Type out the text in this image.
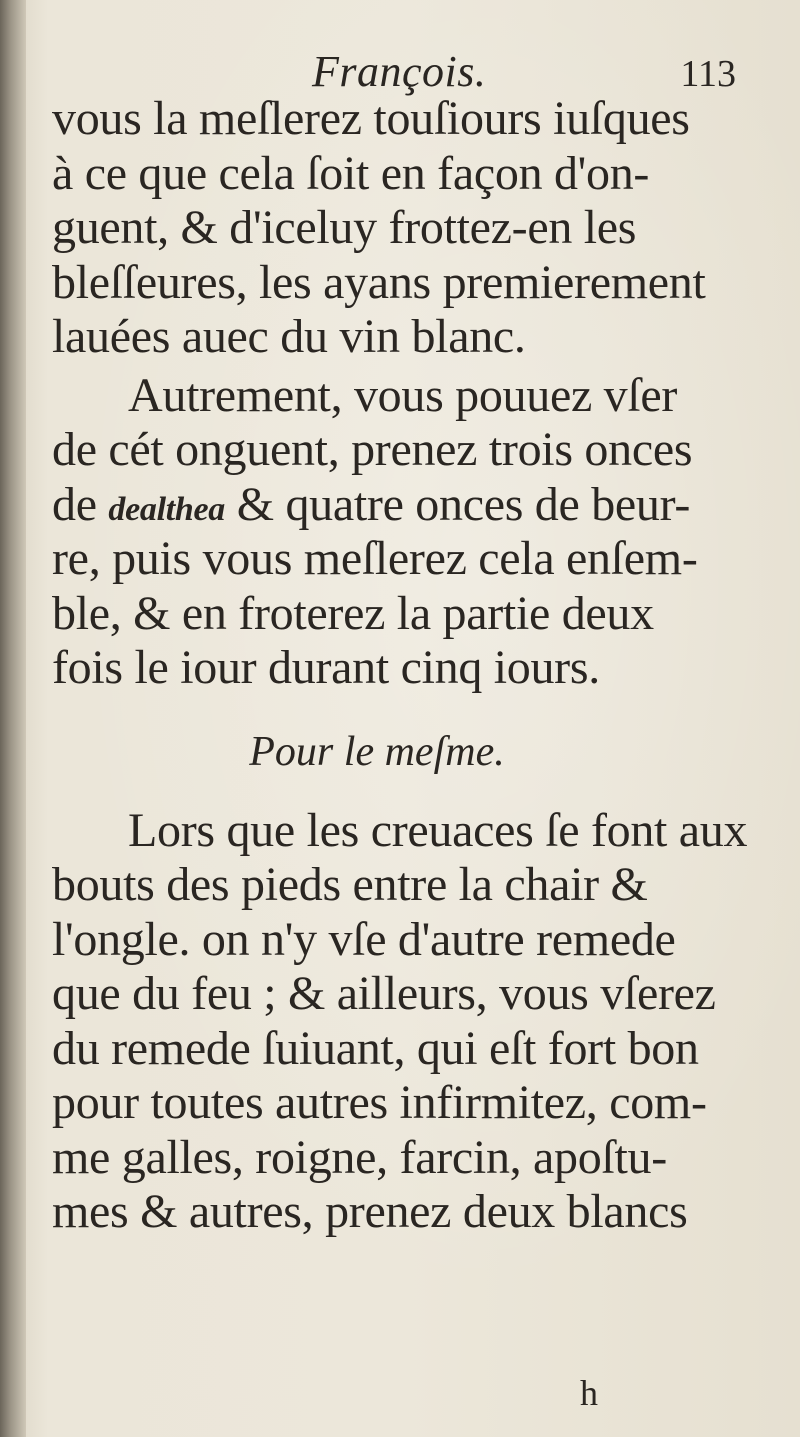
François.	113
vous la meſlerez touſiours iuſques
à ce que cela ſoit en façon d'on-
guent, & d'iceluy frottez-en les
bleſſeures, les ayans premierement
lauées auec du vin blanc.
Autrement, vous pouuez vſer
de cét onguent, prenez trois onces
de dealthea & quatre onces de beur-
re, puis vous meſlerez cela enſem-
ble, & en froterez la partie deux
fois le iour durant cinq iours.
Pour le meſme.
Lors que les creuaces ſe font aux
bouts des pieds entre la chair &
l'ongle. on n'y vſe d'autre remede
que du feu ; & ailleurs, vous vſerez
du remede ſuiuant, qui eſt fort bon
pour toutes autres infirmitez, com-
me galles, roigne, farcin, apoſtu-
mes & autres, prenez deux blancs
h
